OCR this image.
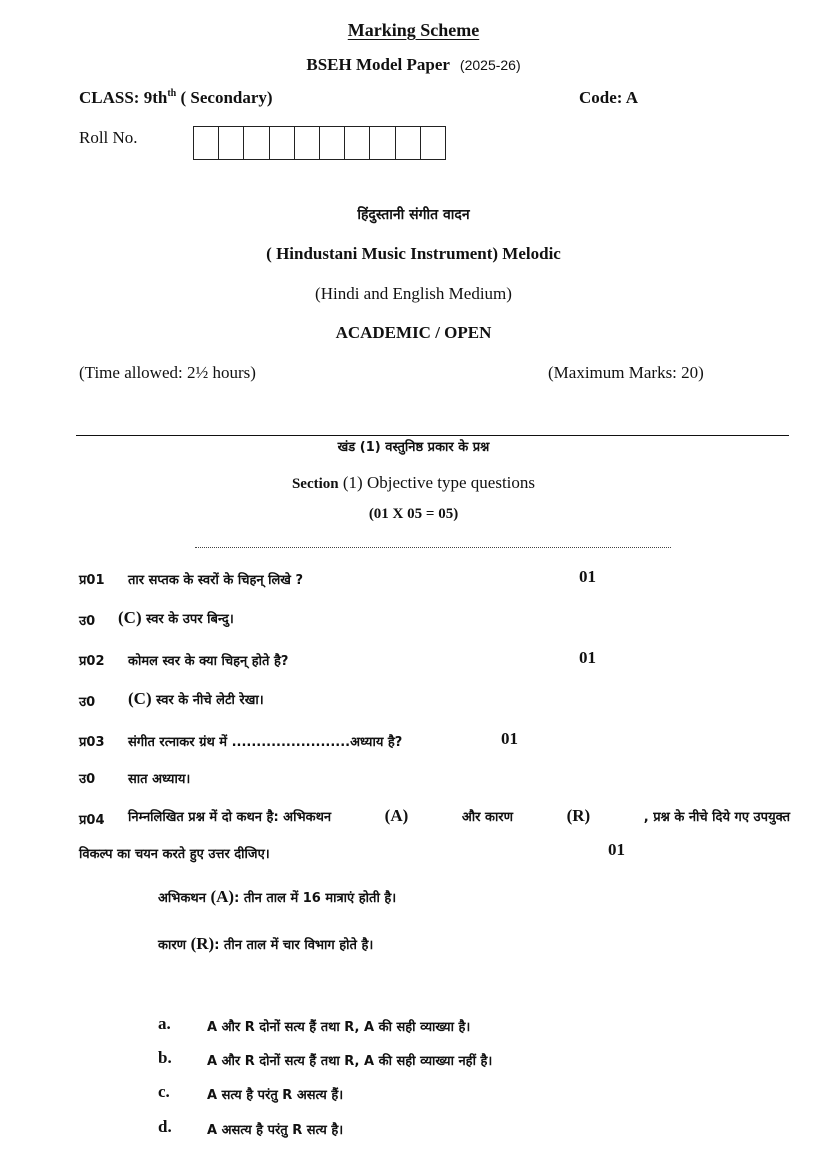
Marking Scheme
BSEH Model Paper (2025-26)
CLASS: $9th^{th}$ ( Secondary)	Code: A
Roll No.
हिंदुस्तानी संगीत वादन
( Hindustani Music Instrument) Melodic
(Hindi and English Medium)
ACADEMIC / OPEN
(Time allowed: 2½ hours)	(Maximum Marks: 20)
खंड (1) वस्तुनिष्ठ प्रकार के प्रश्न
Section (1) Objective type questions
(01 X 05 = 05)
प्र01 तार सप्तक के स्वरों के चिहन् लिखे ?	01
उ0 (C) स्वर के उपर बिन्दु।
प्र02 कोमल स्वर के क्या चिहन् होते है?	01
उ0 (C) स्वर के नीचे लेटी रेखा।
प्र03 संगीत रत्नाकर ग्रंथ में ........................अध्याय है?	01
उ0	सात अध्याय।
प्र04 निम्नलिखित प्रश्न में दो कथन है: अभिकथन	(A)	और कारण	(R)	, प्रश्न के नीचे दिये गए उपयुक्त
विकल्प का चयन करते हुए उत्तर दीजिए।	01
अभिकथन (A): तीन ताल में 16 मात्राएं होती है।
कारण (R): तीन ताल में चार विभाग होते है।
a.	A और R दोनों सत्य हैं तथा R, A की सही व्याख्या है।
b.	A और R दोनों सत्य हैं तथा R, A की सही व्याख्या नहीं है।
c.	A सत्य है परंतु R असत्य हैं।
d.	A असत्य है परंतु R सत्य है।
